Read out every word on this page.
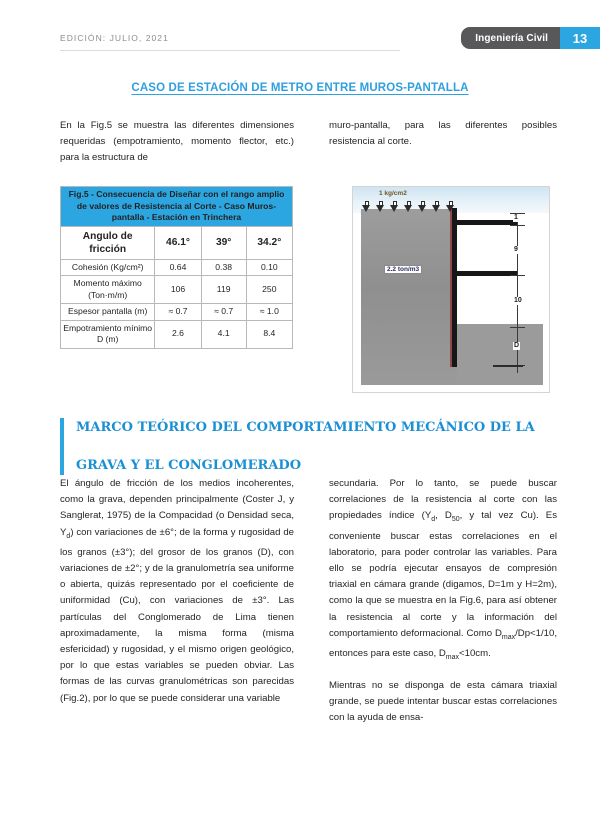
EDICIÓN: JULIO, 2021	Ingeniería Civil 13
CASO DE ESTACIÓN DE METRO ENTRE MUROS-PANTALLA

En la Fig.5 se muestra las diferentes dimensiones requeridas (empotramiento, momento flector, etc.) para la estructura de

muro-pantalla, para las diferentes posibles resistencia al corte.

Fig.5 - Consecuencia de Diseñar con el rango amplio de valores de Resistencia al Corte - Caso Muros-pantalla - Estación en Trinchera			
Angulo de fricción	46.1°	39°	34.2°
Cohesión (Kg/cm²)	0.64	0.38	0.10
Momento máximo (Ton·m/m)	106	119	250
Espesor pantalla (m)	≈ 0.7	≈ 0.7	≈ 1.0
Empotramiento mínimo D (m)	2.6	4.1	8.4
1 kg/cm2
2.2 ton/m3
1
9
10
D
MARCO TEÓRICO DEL COMPORTAMIENTO MECÁNICO DE LA
GRAVA Y EL CONGLOMERADO

El ángulo de fricción de los medios incoherentes, como la grava, dependen principalmente (Coster J, y Sanglerat, 1975) de la Compacidad (o Densidad seca, $Y_d$) con variaciones de ±6°; de la forma y rugosidad de los granos (±3°); del grosor de los granos (D), con variaciones de ±2°; y de la granulometría sea uniforme o abierta, quizás representado por el coeficiente de uniformidad (Cu), con variaciones de ±3°. Las partículas del Conglomerado de Lima tienen aproximadamente, la misma forma (misma esfericidad) y rugosidad, y el mismo origen geológico, por lo que estas variables se pueden obviar. Las formas de las curvas granulométricas son parecidas (Fig.2), por lo que se puede considerar una variable

secundaria. Por lo tanto, se puede buscar correlaciones de la resistencia al corte con las propiedades índice ($Y_d$, $D_{50}$, y tal vez Cu). Es conveniente buscar estas correlaciones en el laboratorio, para poder controlar las variables. Para ello se podría ejecutar ensayos de compresión triaxial en cámara grande (digamos, D=1m y H=2m), como la que se muestra en la Fig.6, para así obtener la resistencia al corte y la información del comportamiento deformacional. Como $D_{max}/Dp<1/10$, entonces para este caso, $D_{max}<10cm$.

Mientras no se disponga de esta cámara triaxial grande, se puede intentar buscar estas correlaciones con la ayuda de ensa-
